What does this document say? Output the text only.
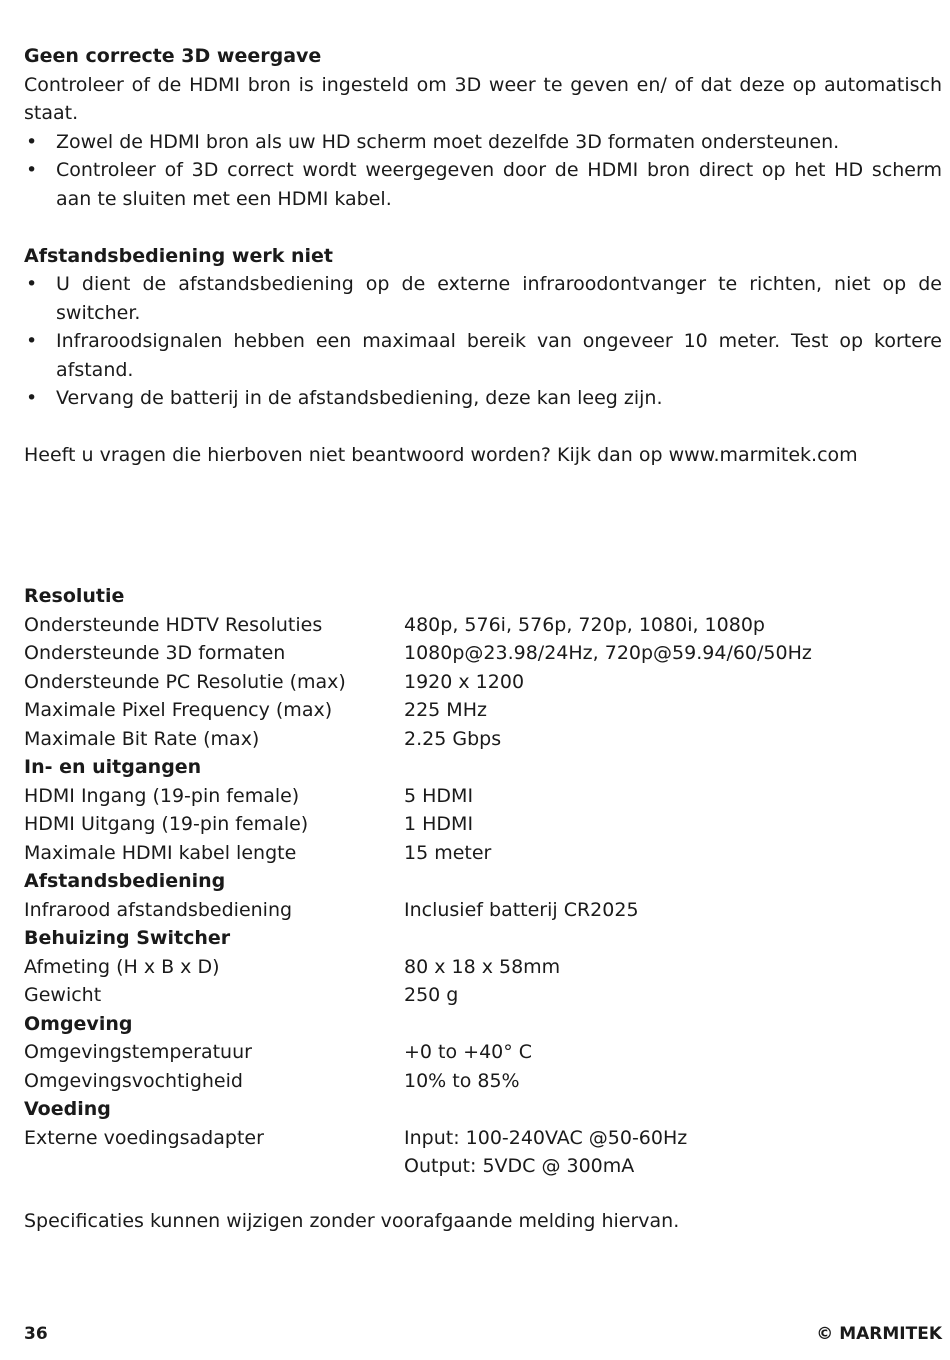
Geen correcte 3D weergave

Controleer of de HDMI bron is ingesteld om 3D weer te geven en/ of dat deze op automatisch staat.

• Zowel de HDMI bron als uw HD scherm moet dezelfde 3D formaten ondersteunen.
• Controleer of 3D correct wordt weergegeven door de HDMI bron direct op het HD scherm aan te sluiten met een HDMI kabel.

Afstandsbediening werk niet

• U dient de afstandsbediening op de externe infraroodontvanger te richten, niet op de switcher.
• Infraroodsignalen hebben een maximaal bereik van ongeveer 10 meter. Test op kortere afstand.
• Vervang de batterij in de afstandsbediening, deze kan leeg zijn.

Heeft u vragen die hierboven niet beantwoord worden? Kijk dan op www.marmitek.com

Resolutie

Ondersteunde HDTV Resoluties	480p, 576i, 576p, 720p, 1080i, 1080p
Ondersteunde 3D formaten	1080p@23.98/24Hz, 720p@59.94/60/50Hz
Ondersteunde PC Resolutie (max)	1920 x 1200
Maximale Pixel Frequency (max)	225 MHz
Maximale Bit Rate (max)	2.25 Gbps

In- en uitgangen

HDMI Ingang (19-pin female)	5 HDMI
HDMI Uitgang (19-pin female)	1 HDMI
Maximale HDMI kabel lengte	15 meter

Afstandsbediening

Infrarood afstandsbediening	Inclusief batterij CR2025

Behuizing Switcher

Afmeting (H x B x D)	80 x 18 x 58mm
Gewicht	250 g

Omgeving

Omgevingstemperatuur	+0 to +40° C
Omgevingsvochtigheid	10% to 85%

Voeding

Externe voedingsadapter	Input: 100-240VAC @50-60Hz
Output: 5VDC @ 300mA

Specificaties kunnen wijzigen zonder voorafgaande melding hiervan.

36	© MARMITEK
